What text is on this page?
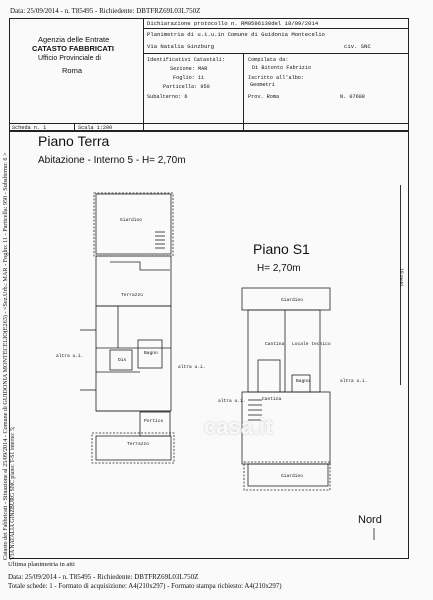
Data: 25/09/2014 - n. T85495 - Richiedente: DBTFRZ69L03L750Z
Agenzia delle Entrate
CATASTO FABBRICATI
Ufficio Provinciale di
Roma
Dichiarazione protocollo n. RM0596130del 18/09/2014
Planimetria di u.i.u.in Comune di Guidonia Montecelio
Via Natalia Ginzburg	civ. SNC
Identificativi Catastali:
Sezione: MAR
Foglio: 11
Particella: 950
Subalterno: 6
Compilata da:
Di Bitonto Fabrizio
Iscritto all'albo:
Geometri
Prov. Roma	N. 07608
Scheda n. 1	Scala 1:200
Catasto dei Fabbricati - Situazione al 25/09/2014 - Comune di GUIDONIA MONTECELIO(E263) - <Sez.Urb.: MAR - Foglio: 11 - Particella: 950 - Subalterno: 6 > VIA NATALIA GINZBURG SNC piano: T-S1 interno: 5;
Piano Terra
Abitazione - Interno 5 - H= 2,70m
Piano S1
H= 2,70m
Nord
10 metri
Giardino
Terrazzo
Dis
Bagno
Portico
Terrazzo
altra u.i.
altra u.i.
Giardino
Cantina Locale tecnico
Cantina
Bagno
Giardino
altra u.i.
altra u.i.
casa.it
Ultima planimetria in atti
Data: 25/09/2014 - n. T85495 - Richiedente: DBTFRZ69L03L750Z
Totale schede: 1 - Formato di acquisizione: A4(210x297) - Formato stampa richiesto: A4(210x297)
